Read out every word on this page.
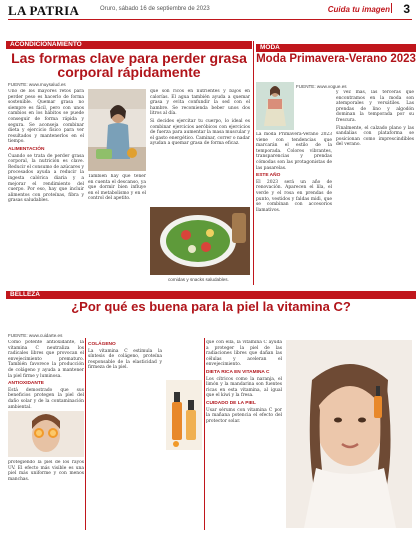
LA PATRIA	Oruro, sábado 16 de septiembre de 2023	Cuida tu imagen 3
ACONDICIONAMIENTO
Las formas clave para perder grasa corporal rápidamente
FUENTE: www.muysalud.es

Uno de los mayores retos para perder peso es hacerlo de forma sostenible. Quemar grasa no siempre es fácil, pero con unos cambios en los hábitos se puede conseguir de forma rápida y segura. Se aconseja combinar dieta y ejercicio físico para ver resultados y mantenerlos en el tiempo.

ALIMENTACIÓN

Cuando se trata de perder grasa corporal, la nutrición es clave. Reducir el consumo de azúcares y procesados ayuda a reducir la ingesta calórica diaria y a mejorar el rendimiento del cuerpo. Por eso, hay que incluir alimentos con proteínas, fibra y grasas saludables.

que son ricos en nutrientes y bajos en calorías. El agua también ayuda a quemar grasa y evita confundir la sed con el hambre. Se recomienda beber unos dos litros al día.

Si decides ejercitar tu cuerpo, lo ideal es combinar ejercicios aeróbicos con ejercicios de fuerza para aumentar la masa muscular y el gasto energético. Caminar, correr o nadar ayudan a quemar grasa de forma eficaz.

También hay que tener en cuenta el descanso, ya que dormir bien influye en el metabolismo y en el control del apetito.

comidas y snacks saludables.
MODA
Moda Primavera-Verano 2023
FUENTE: www.vogue.es

La moda Primavera-Verano 2023 viene con tendencias que marcarán el estilo de la temporada. Colores vibrantes, transparencias y prendas cómodas son las protagonistas de las pasarelas.

ESTE AÑO

El 2023 será un año de renovación. Aparecen el lila, el verde y el rosa en prendas de punto, vestidos y faldas midi, que se combinan con accesorios llamativos.

y vez más, las terceras que encontramos en la moda son atemporales y versátiles. Las prendas de lino y algodón dominan la temporada por su frescura.

Finalmente, el calzado plano y las sandalias con plataforma se posicionan como imprescindibles del verano.

BELLEZA
¿Por qué es buena para la piel la vitamina C?
FUENTE: www.cuidarte.es

Como potente antioxidante, la vitamina C neutraliza los radicales libres que provocan el envejecimiento prematuro. También favorece la producción de colágeno y ayuda a mantener la piel firme y luminosa.

ANTIOXIDANTE

Está demostrado que sus beneficios protegen la piel del daño solar y de la contaminación ambiental.

protegiendo la piel de los rayos UV. El efecto más visible es una piel más uniforme y con menos manchas.

COLÁGENO

La vitamina C estimula la síntesis de colágeno, proteína responsable de la elasticidad y firmeza de la piel.

que con ella, la vitamina C ayuda a proteger la piel de las radiaciones libres que dañan las células y aceleran el envejecimiento.

DIETA RICA EN VITAMINA C

Los cítricos como la naranja, el limón y la mandarina son fuentes ricas en esta vitamina, al igual que el kiwi y la fresa.

CUIDADO DE LA PIEL

Usar sérums con vitamina C por la mañana potencia el efecto del protector solar.
